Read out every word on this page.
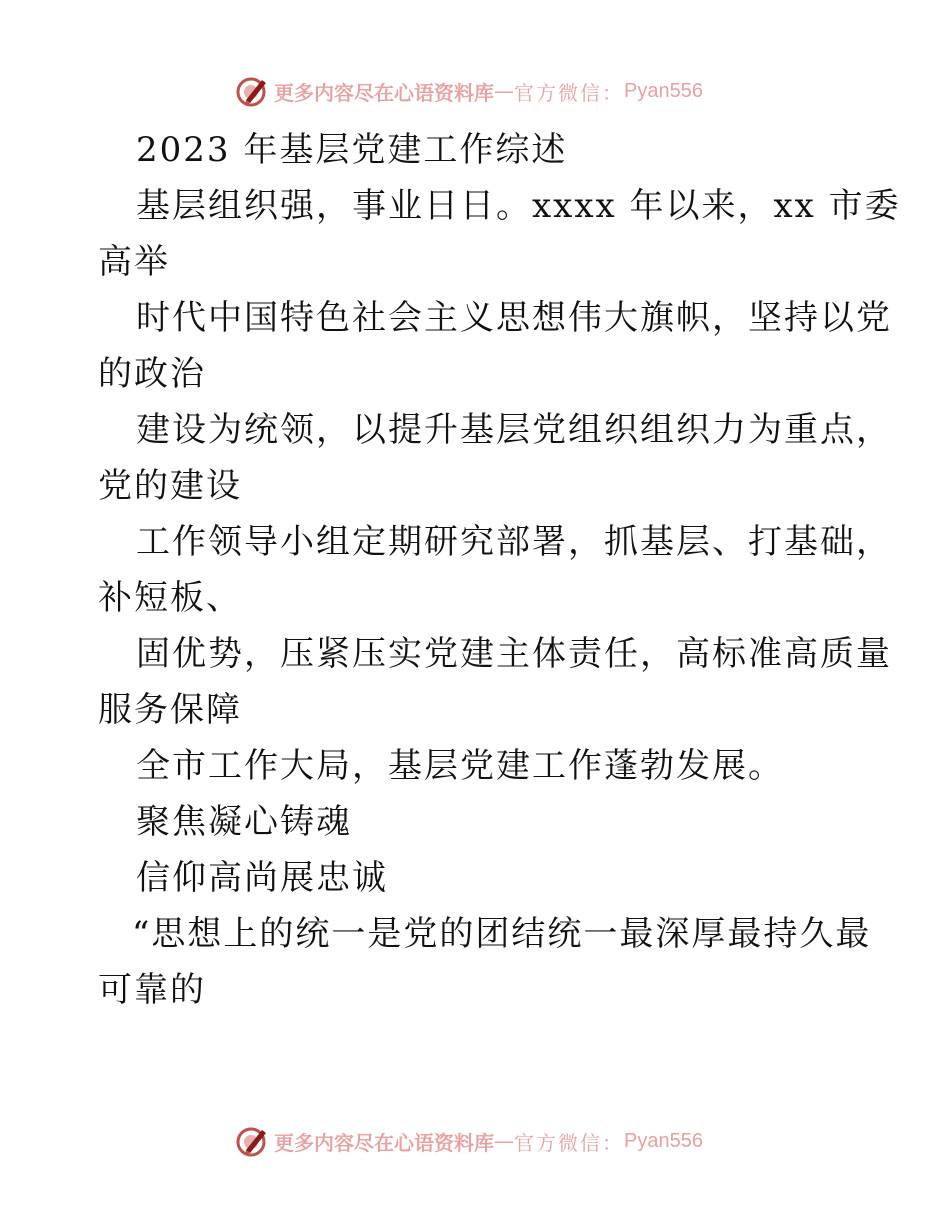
更多内容尽在心语资料库 — 官方微信： Pyan556

2023 年基层党建工作综述

基层组织强，事业日日。xxxx 年以来，xx 市委

高举

时代中国特色社会主义思想伟大旗帜，坚持以党

的政治

建设为统领，以提升基层党组织组织力为重点，

党的建设

工作领导小组定期研究部署，抓基层、打基础，

补短板、

固优势，压紧压实党建主体责任，高标准高质量

服务保障

全市工作大局，基层党建工作蓬勃发展。

聚焦凝心铸魂

信仰高尚展忠诚

“思想上的统一是党的团结统一最深厚最持久最

可靠的

更多内容尽在心语资料库 — 官方微信： Pyan556
